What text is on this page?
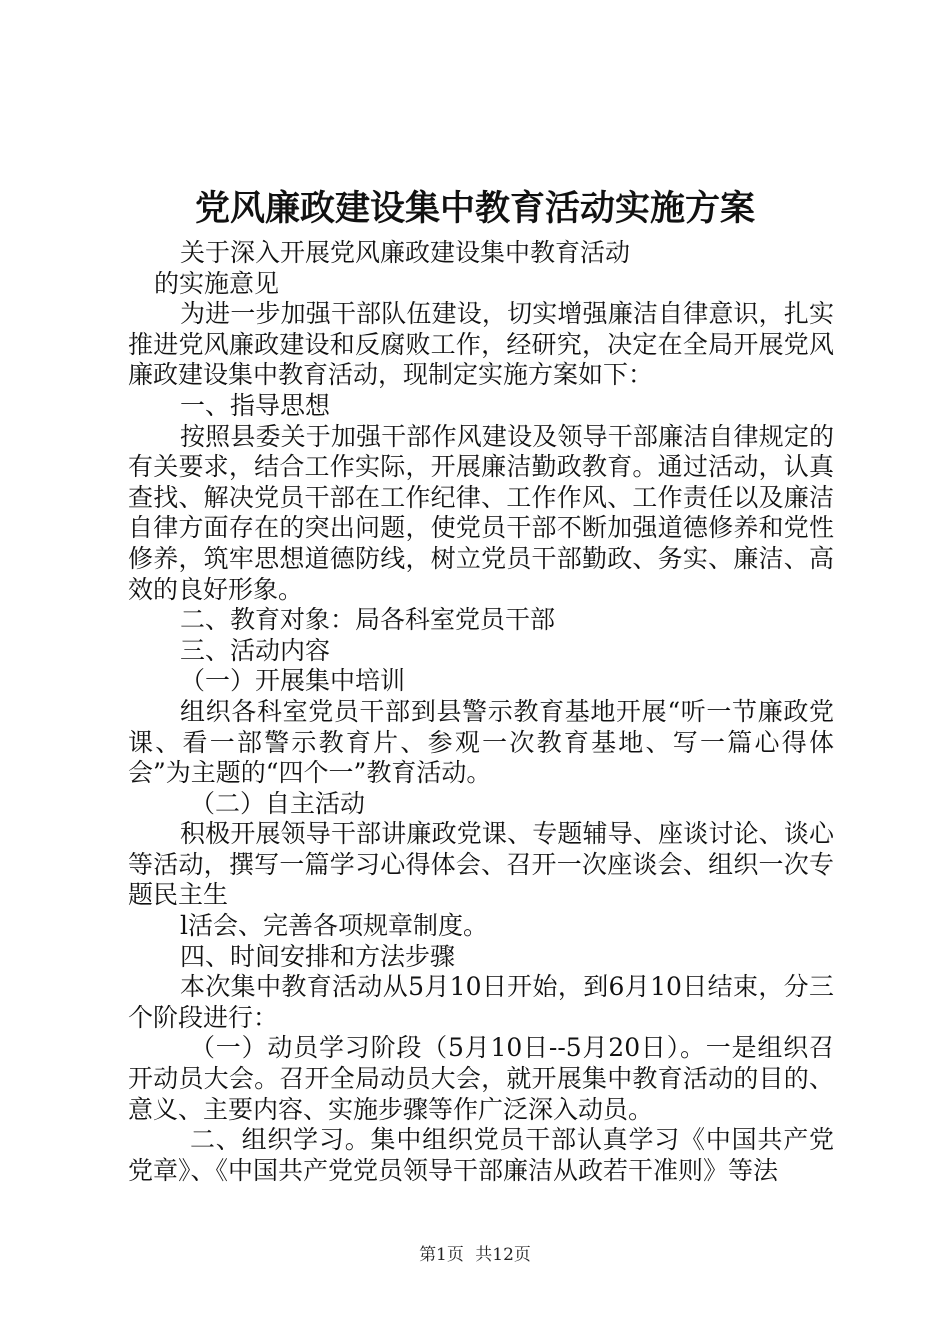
党风廉政建设集中教育活动实施方案

关于深入开展党风廉政建设集中教育活动

的实施意见

为进一步加强干部队伍建设，切实增强廉洁自律意识，扎实推进党风廉政建设和反腐败工作，经研究，决定在全局开展党风廉政建设集中教育活动，现制定实施方案如下：

一、指导思想

按照县委关于加强干部作风建设及领导干部廉洁自律规定的有关要求，结合工作实际，开展廉洁勤政教育。通过活动，认真查找、解决党员干部在工作纪律、工作作风、工作责任以及廉洁自律方面存在的突出问题，使党员干部不断加强道德修养和党性修养，筑牢思想道德防线，树立党员干部勤政、务实、廉洁、高效的良好形象。

二、教育对象：局各科室党员干部

三、活动内容

（一）开展集中培训

组织各科室党员干部到县警示教育基地开展“听一节廉政党课、看一部警示教育片、参观一次教育基地、写一篇心得体会”为主题的“四个一”教育活动。

（二）自主活动

积极开展领导干部讲廉政党课、专题辅导、座谈讨论、谈心等活动，撰写一篇学习心得体会、召开一次座谈会、组织一次专题民主生

l活会、完善各项规章制度。

四、时间安排和方法步骤

本次集中教育活动从5月10日开始，到6月10日结束，分三个阶段进行：

（一）动员学习阶段（5月10日--5月20日）。一是组织召开动员大会。召开全局动员大会，就开展集中教育活动的目的、意义、主要内容、实施步骤等作广泛深入动员。

二、组织学习。集中组织党员干部认真学习《中国共产党党章》、《中国共产党党员领导干部廉洁从政若干准则》等法

第1页 共12页
